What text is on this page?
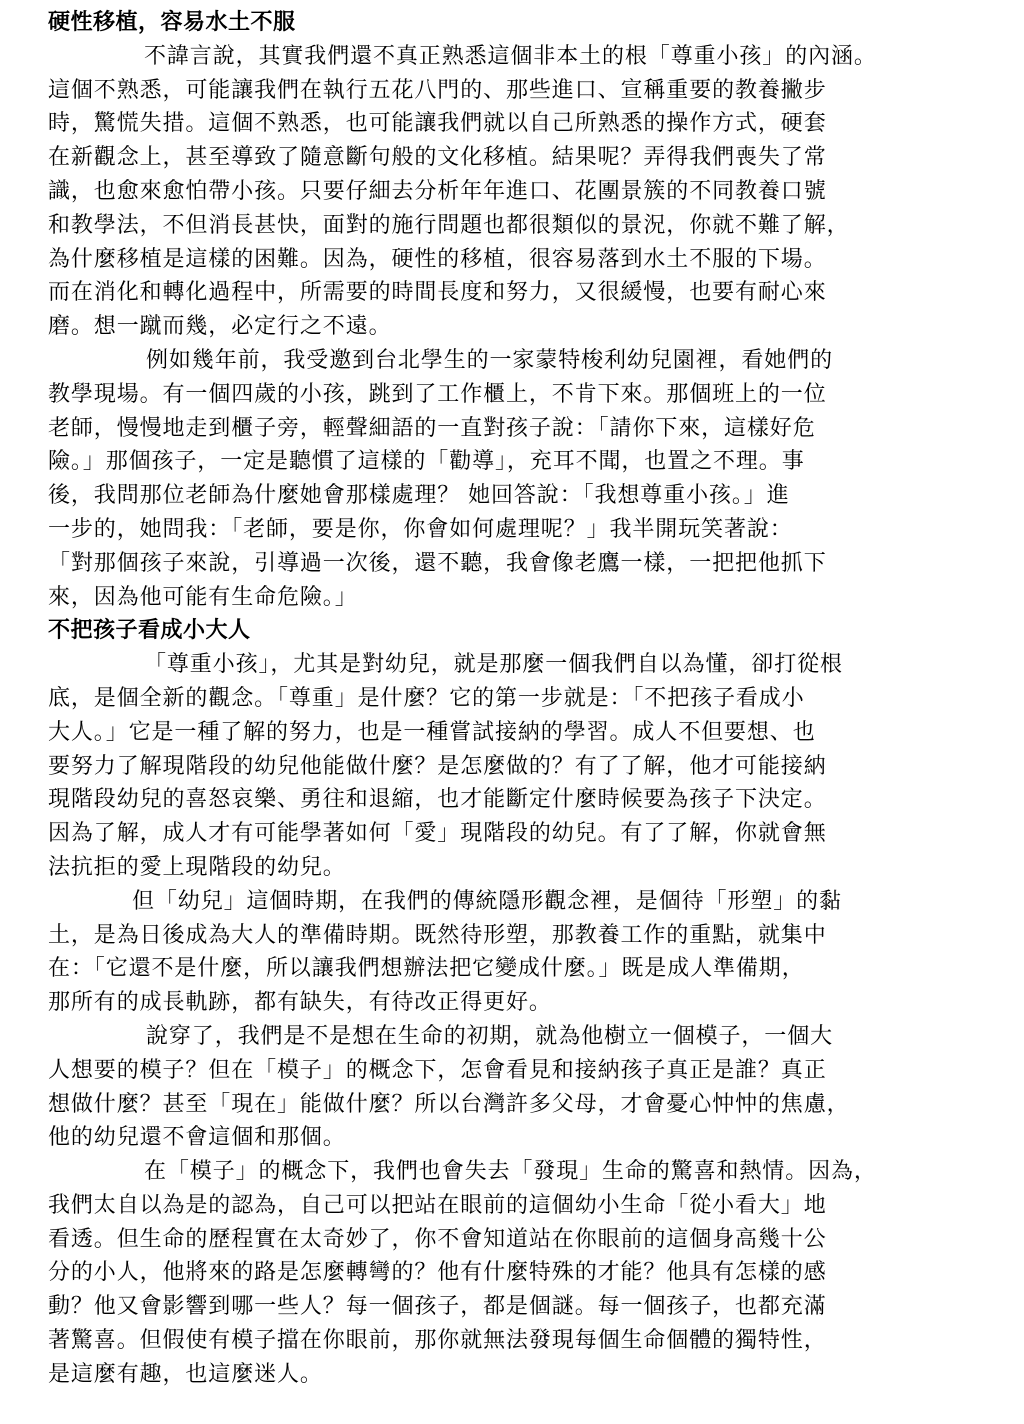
硬性移植，容易水土不服
不諱言說，其實我們還不真正熟悉這個非本土的根「尊重小孩」的內涵。
這個不熟悉，可能讓我們在執行五花八門的、那些進口、宣稱重要的教養撇步
時，驚慌失措。這個不熟悉，也可能讓我們就以自己所熟悉的操作方式，硬套
在新觀念上，甚至導致了隨意斷句般的文化移植。結果呢？弄得我們喪失了常
識，也愈來愈怕帶小孩。只要仔細去分析年年進口、花團景簇的不同教養口號
和教學法，不但消長甚快，面對的施行問題也都很類似的景況，你就不難了解，
為什麼移植是這樣的困難。因為，硬性的移植，很容易落到水土不服的下場。
而在消化和轉化過程中，所需要的時間長度和努力，又很緩慢，也要有耐心來
磨。想一蹴而幾，必定行之不遠。
例如幾年前，我受邀到台北學生的一家蒙特梭利幼兒園裡，看她們的
教學現場。有一個四歲的小孩，跳到了工作櫃上，不肯下來。那個班上的一位
老師，慢慢地走到櫃子旁，輕聲細語的一直對孩子說：「請你下來，這樣好危
險。」那個孩子，一定是聽慣了這樣的「勸導」，充耳不聞，也置之不理。事
後，我問那位老師為什麼她會那樣處理？ 她回答說：「我想尊重小孩。」進
一步的，她問我：「老師，要是你，你會如何處理呢？」我半開玩笑著說：
「對那個孩子來說，引導過一次後，還不聽，我會像老鷹一樣，一把把他抓下
來，因為他可能有生命危險。」
不把孩子看成小大人
「尊重小孩」，尤其是對幼兒，就是那麼一個我們自以為懂，卻打從根
底，是個全新的觀念。「尊重」是什麼？它的第一步就是：「不把孩子看成小
大人。」它是一種了解的努力，也是一種嘗試接納的學習。成人不但要想、也
要努力了解現階段的幼兒他能做什麼？是怎麼做的？有了了解，他才可能接納
現階段幼兒的喜怒哀樂、勇往和退縮，也才能斷定什麼時候要為孩子下決定。
因為了解，成人才有可能學著如何「愛」現階段的幼兒。有了了解，你就會無
法抗拒的愛上現階段的幼兒。
但「幼兒」這個時期，在我們的傳統隱形觀念裡，是個待「形塑」的黏
土，是為日後成為大人的準備時期。既然待形塑，那教養工作的重點，就集中
在：「它還不是什麼，所以讓我們想辦法把它變成什麼。」既是成人準備期，
那所有的成長軌跡，都有缺失，有待改正得更好。
說穿了，我們是不是想在生命的初期，就為他樹立一個模子，一個大
人想要的模子？但在「模子」的概念下，怎會看見和接納孩子真正是誰？真正
想做什麼？甚至「現在」能做什麼？所以台灣許多父母，才會憂心忡忡的焦慮，
他的幼兒還不會這個和那個。
在「模子」的概念下，我們也會失去「發現」生命的驚喜和熱情。因為，
我們太自以為是的認為，自己可以把站在眼前的這個幼小生命「從小看大」地
看透。但生命的歷程實在太奇妙了，你不會知道站在你眼前的這個身高幾十公
分的小人，他將來的路是怎麼轉彎的？他有什麼特殊的才能？他具有怎樣的感
動？他又會影響到哪一些人？每一個孩子，都是個謎。每一個孩子，也都充滿
著驚喜。但假使有模子擋在你眼前，那你就無法發現每個生命個體的獨特性，
是這麼有趣，也這麼迷人。
